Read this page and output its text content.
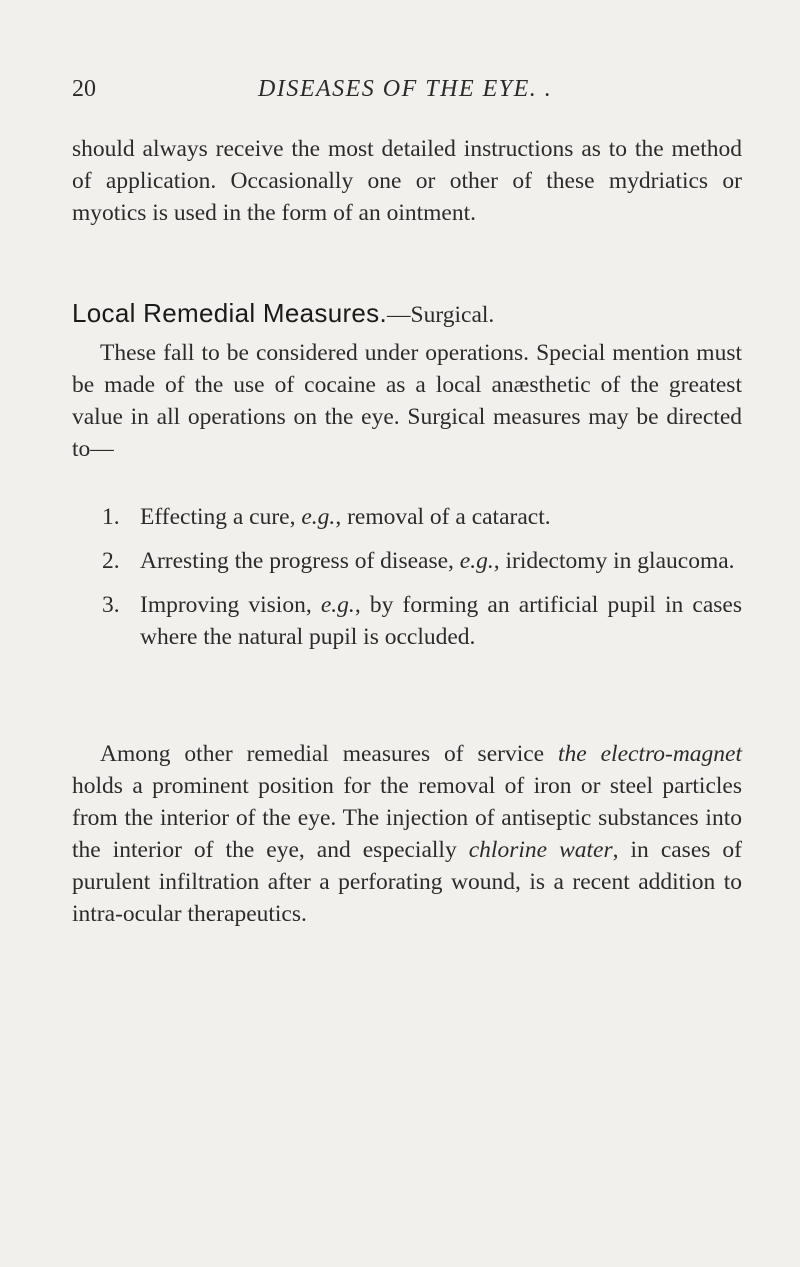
20	DISEASES OF THE EYE. .

should always receive the most detailed instructions as to the method of application. Occasionally one or other of these mydriatics or myotics is used in the form of an ointment.

Local Remedial Measures.—Surgical.

These fall to be considered under operations. Special mention must be made of the use of cocaine as a local anæsthetic of the greatest value in all operations on the eye. Surgical measures may be directed to—

1. Effecting a cure, e.g., removal of a cataract.
2. Arresting the progress of disease, e.g., iridectomy in glaucoma.
3. Improving vision, e.g., by forming an artificial pupil in cases where the natural pupil is occluded.

Among other remedial measures of service the electro-magnet holds a prominent position for the removal of iron or steel particles from the interior of the eye. The injection of antiseptic substances into the interior of the eye, and especially chlorine water, in cases of purulent infiltration after a perforating wound, is a recent addition to intra-ocular therapeutics.
